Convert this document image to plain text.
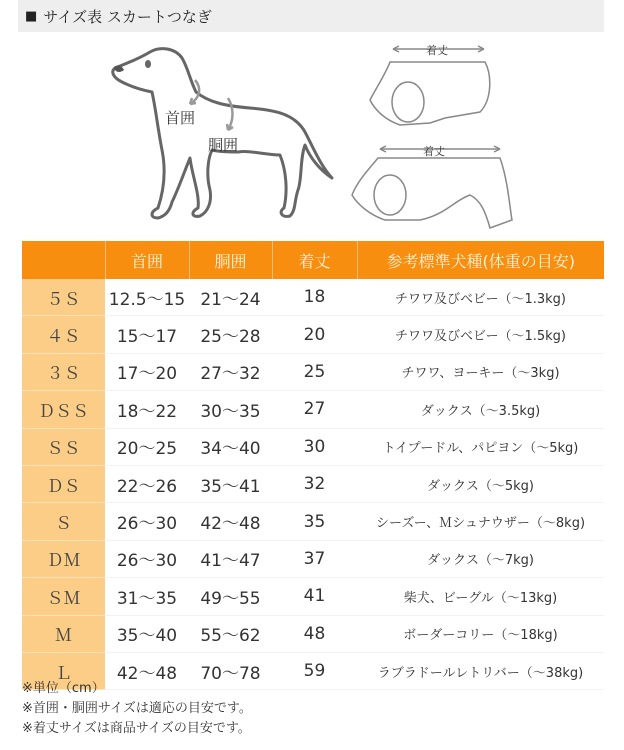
■ サイズ表 スカートつなぎ
首囲
胴囲
着丈
着丈
	首囲	胴囲	着丈	参考標準犬種(体重の目安)
５Ｓ	12.5〜15	21〜24	18	チワワ及びベビー（〜1.3kg)
４Ｓ	15〜17	25〜28	20	チワワ及びベビー（〜1.5kg)
３Ｓ	17〜20	27〜32	25	チワワ、ヨーキー（〜3kg)
ＤＳＳ	18〜22	30〜35	27	ダックス（〜3.5kg)
ＳＳ	20〜25	34〜40	30	トイプードル、パピヨン（〜5kg)
ＤＳ	22〜26	35〜41	32	ダックス（〜5kg)
Ｓ	26〜30	42〜48	35	シーズー、Ｍシュナウザー（〜8kg)
ＤＭ	26〜30	41〜47	37	ダックス（〜7kg)
ＳＭ	31〜35	49〜55	41	柴犬、ビーグル（〜13kg)
Ｍ	35〜40	55〜62	48	ボーダーコリー（〜18kg)
Ｌ	42〜48	70〜78	59	ラブラドールレトリバー（〜38kg)
※単位（cm）
※首囲・胴囲サイズは適応の目安です。
※着丈サイズは商品サイズの目安です。
